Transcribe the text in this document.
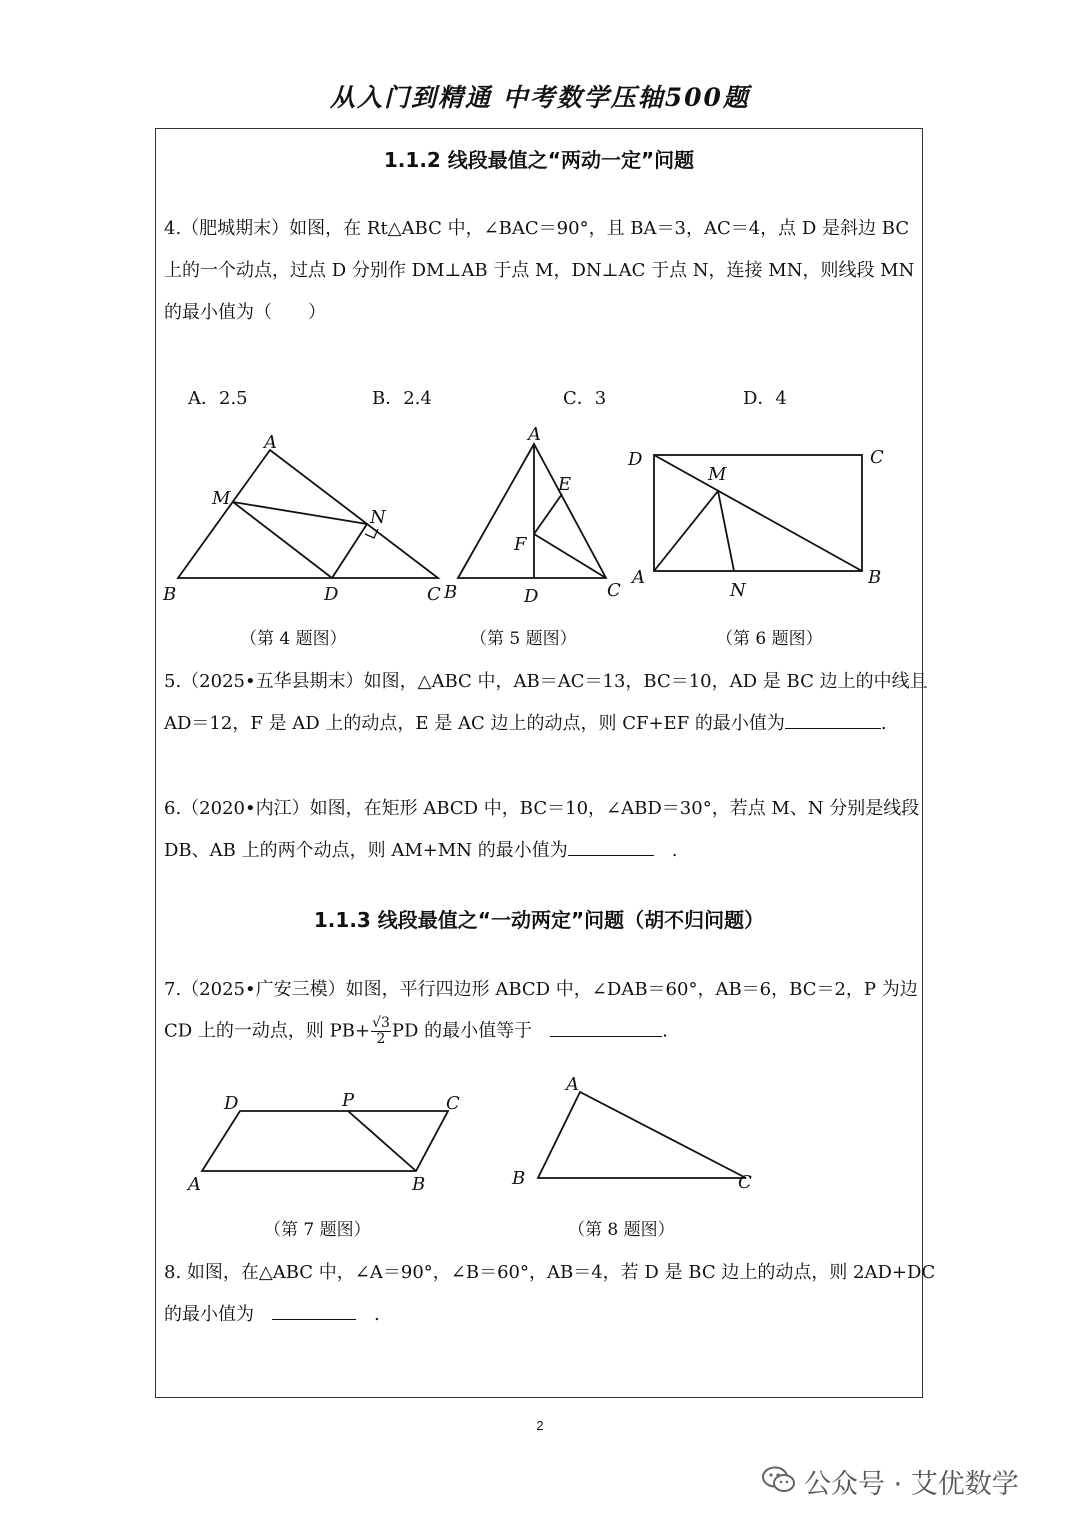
从入门到精通 中考数学压轴500题
1.1.2 线段最值之“两动一定”问题
4.（肥城期末）如图，在 Rt△ABC 中，∠BAC＝90°，且 BA＝3，AC＝4，点 D 是斜边 BC
上的一个动点，过点 D 分别作 DM⊥AB 于点 M，DN⊥AC 于点 N，连接 MN，则线段 MN
的最小值为（　　）
A．2.5	B．2.4	C．3	D．4
A
M
N
B	D	C
A
E
F
B	D	C
D	C
M
A
N
B
（第 4 题图）	（第 5 题图）	（第 6 题图）
5.（2025•五华县期末）如图，△ABC 中，AB＝AC＝13，BC＝10，AD 是 BC 边上的中线且
AD＝12，F 是 AD 上的动点，E 是 AC 边上的动点，则 CF+EF 的最小值为	.
6.（2020•内江）如图，在矩形 ABCD 中，BC＝10，∠ABD＝30°，若点 M、N 分别是线段
DB、AB 上的两个动点，则 AM+MN 的最小值为　	.
1.1.3 线段最值之“一动两定”问题（胡不归问题）
7.（2025•广安三模）如图，平行四边形 ABCD 中，∠DAB＝60°，AB＝6，BC＝2，P 为边
CD 上的一动点，则 $PB+ \frac{√3}{2}$ PD 的最小值等于　	.
D	P	C
A	B
A
B	C
（第 7 题图）	（第 8 题图）
8. 如图，在△ABC 中，∠A＝90°，∠B＝60°，AB＝4，若 D 是 BC 边上的动点，则 2AD+DC
的最小值为　　	.
2
公众号 · 艾优数学
